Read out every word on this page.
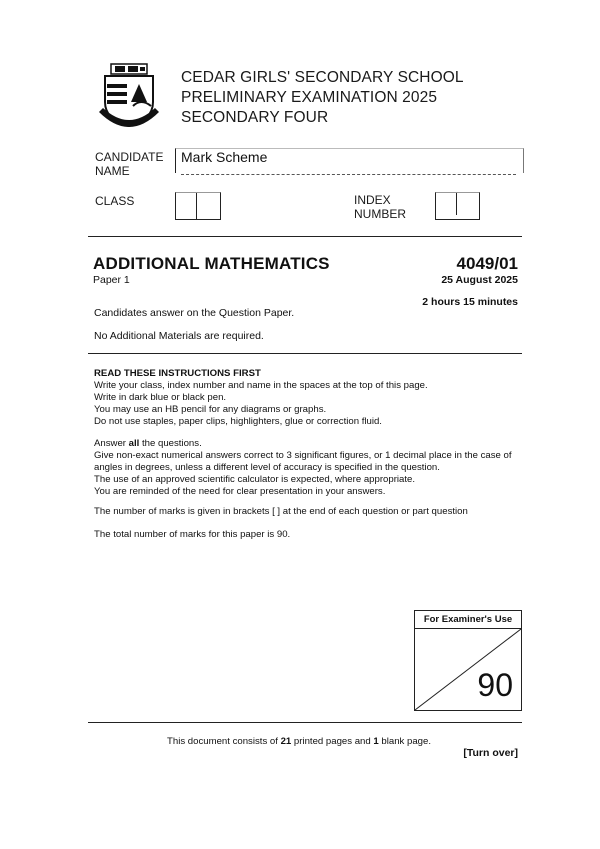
CEDAR GIRLS' SECONDARY SCHOOL
PRELIMINARY EXAMINATION 2025
SECONDARY FOUR
CANDIDATE
NAME
Mark Scheme
CLASS	INDEX
NUMBER
ADDITIONAL MATHEMATICS	4049/01
Paper 1	25 August 2025
2 hours 15 minutes
Candidates answer on the Question Paper.
No Additional Materials are required.
READ THESE INSTRUCTIONS FIRST
Write your class, index number and name in the spaces at the top of this page.
Write in dark blue or black pen.
You may use an HB pencil for any diagrams or graphs.
Do not use staples, paper clips, highlighters, glue or correction fluid.
Answer all the questions.
Give non-exact numerical answers correct to 3 significant figures, or 1 decimal place in the case of angles in degrees, unless a different level of accuracy is specified in the question.
The use of an approved scientific calculator is expected, where appropriate.
You are reminded of the need for clear presentation in your answers.
The number of marks is given in brackets [ ] at the end of each question or part question
The total number of marks for this paper is 90.
For Examiner's Use
90
This document consists of 21 printed pages and 1 blank page.
[Turn over]
